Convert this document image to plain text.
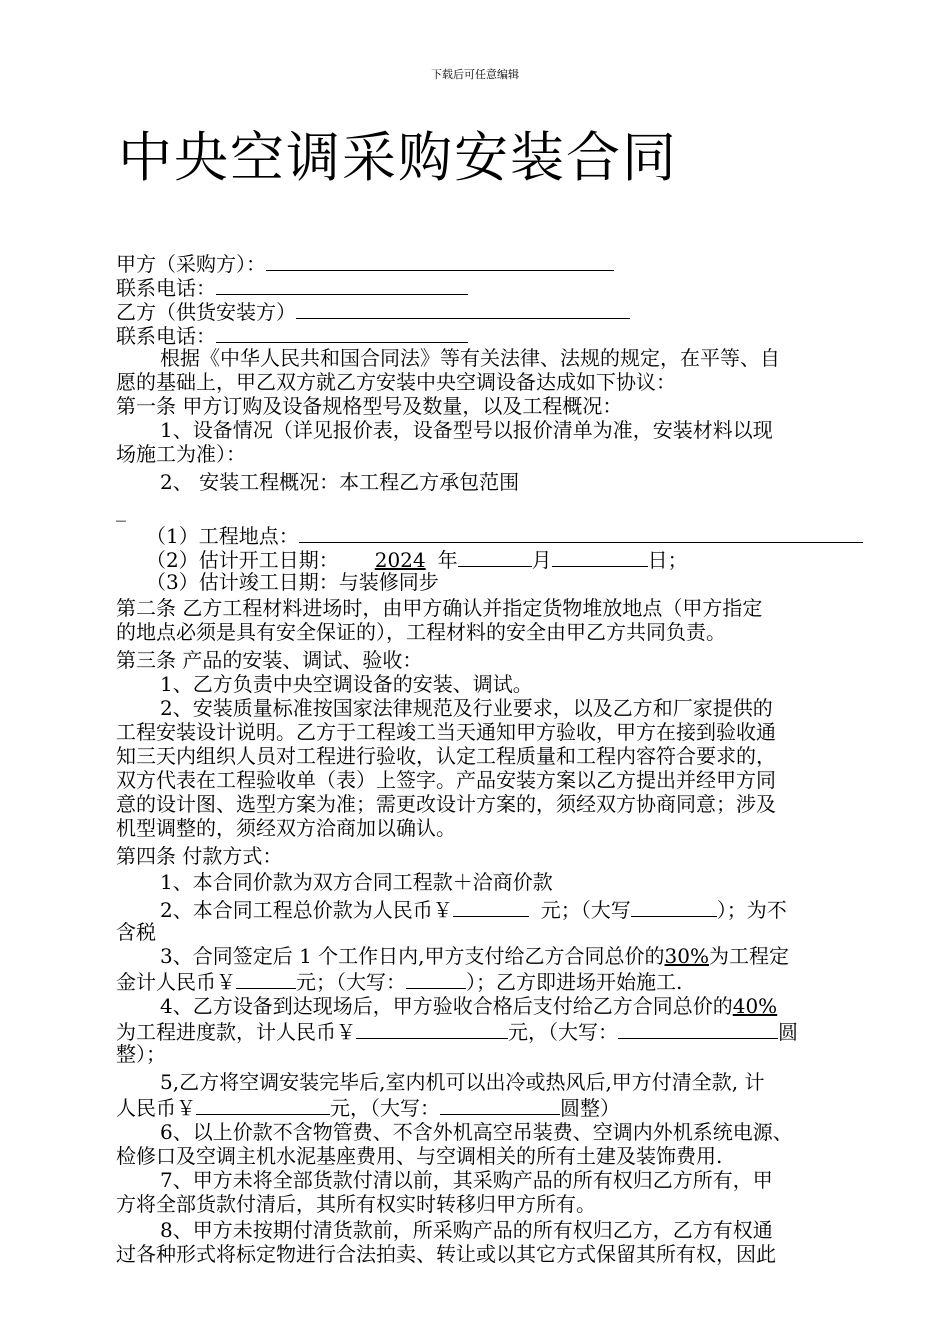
下载后可任意编辑
中央空调采购安装合同
甲方（采购方）：
联系电话：
乙方（供货安装方）
联系电话：
根据《中华人民共和国合同法》等有关法律、法规的规定，在平等、自
愿的基础上，甲乙双方就乙方安装中央空调设备达成如下协议：
第一条 甲方订购及设备规格型号及数量，以及工程概况：
1、设备情况（详见报价表，设备型号以报价清单为准，安装材料以现
场施工为准）：
2、 安装工程概况：本工程乙方承包范围
_
（1）工程地点：
（2）估计开工日期： 2024 年	月	日；
（3）估计竣工日期：与装修同步
第二条 乙方工程材料进场时，由甲方确认并指定货物堆放地点（甲方指定
的地点必须是具有安全保证的），工程材料的安全由甲乙方共同负责。
第三条 产品的安装、调试、验收：
1、乙方负责中央空调设备的安装、调试。
2、安装质量标准按国家法律规范及行业要求，以及乙方和厂家提供的
工程安装设计说明。乙方于工程竣工当天通知甲方验收，甲方在接到验收通
知三天内组织人员对工程进行验收，认定工程质量和工程内容符合要求的，
双方代表在工程验收单（表）上签字。产品安装方案以乙方提出并经甲方同
意的设计图、选型方案为准；需更改设计方案的，须经双方协商同意；涉及
机型调整的，须经双方洽商加以确认。
第四条 付款方式：
1、本合同价款为双方合同工程款＋洽商价款
2、本合同工程总价款为人民币￥	元；（大写	）；为不
含税
3、合同签定后 1 个工作日内,甲方支付给乙方合同总价的30%为工程定
金计人民币￥	元；（大写：	）；乙方即进场开始施工.
4、乙方设备到达现场后，甲方验收合格后支付给乙方合同总价的40%
为工程进度款，计人民币￥	元，（大写：	圆
整）；
5,乙方将空调安装完毕后,室内机可以出冷或热风后,甲方付清全款, 计
人民币￥	元，（大写：	圆整）
6、以上价款不含物管费、不含外机高空吊装费、空调内外机系统电源、
检修口及空调主机水泥基座费用、与空调相关的所有土建及装饰费用.
7、甲方未将全部货款付清以前，其采购产品的所有权归乙方所有，甲
方将全部货款付清后，其所有权实时转移归甲方所有。
8、甲方未按期付清货款前，所采购产品的所有权归乙方，乙方有权通
过各种形式将标定物进行合法拍卖、转让或以其它方式保留其所有权，因此
